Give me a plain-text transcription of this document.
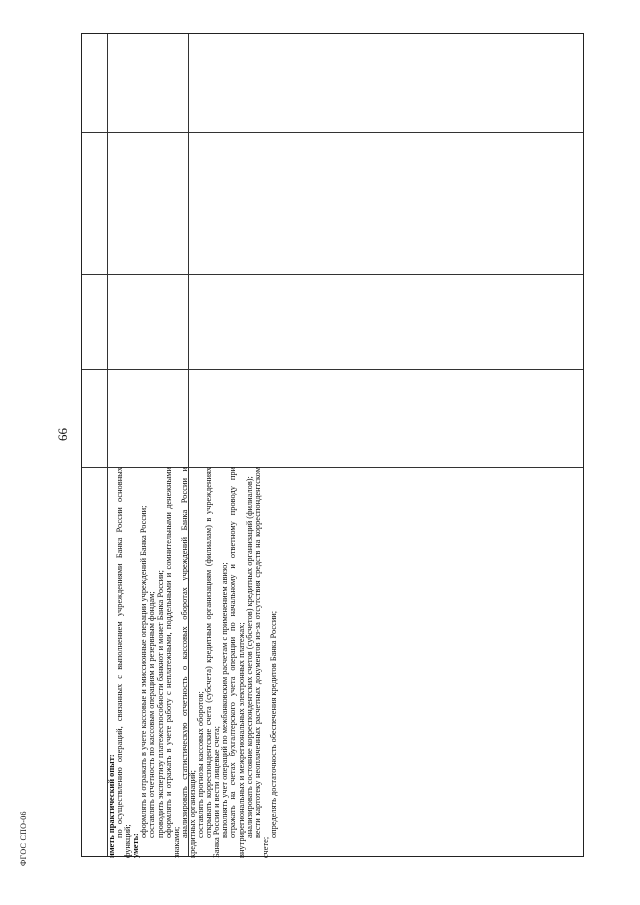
66
ФГОС СПО-06	иметь практический опыт: по осуществлению операций, связанных с выполнением учреждениями Банка России основных функций; уметь:

оформлять и отражать в учете кассовые и эмиссионные операции учреждений Банка России; составлять отчетность по кассовым операциям и резервным фондам; проводить экспертизу платежеспособности банкнот и монет Банка России; оформлять и отражать в учете работу с неплатежными, поддельными и сомнительными денежными знаками;

анализировать статистическую отчетность о кассовых оборотах учреждений Банка России и кредитных организаций; составлять прогнозы кассовых оборотов; открывать корреспондентские счета (субсчета) кредитным организациям (филиалам) в учреждениях Банка России и вести лицевые счета; выполнять учет операций по межбанковским расчетам с применением авизо; отражать на счетах бухгалтерского учета операции по начальному и ответному проводу при внутрирегиональных и межрегиональных электронных платежах; анализировать состояние корреспондентских счетов (субсчетов) кредитных организаций (филиалов); вести картотеку неоплаченных расчетных документов из-за отсутствия средств на корреспондентском счете;

определять достаточность обеспечения кредитов Банка России;
